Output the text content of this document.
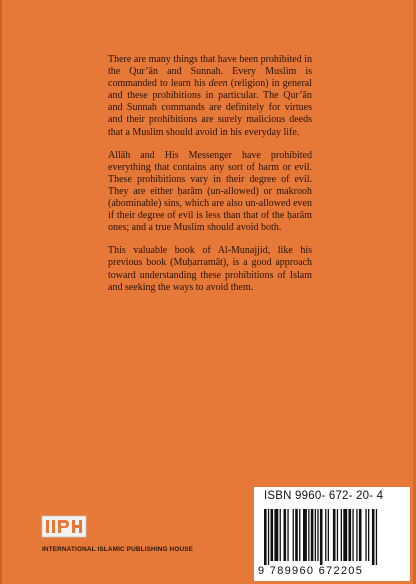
There are many things that have been prohibited in the Qur’ān and Sunnah. Every Muslim is commanded to learn his deen (religion) in general and these prohibitions in particular. The Qur’ān and Sunnah commands are definitely for virtues and their prohibitions are surely malicious deeds that a Muslim should avoid in his everyday life.

Allāh and His Messenger have prohibited everything that contains any sort of harm or evil. These prohibitions vary in their degree of evil. They are either ḥarām (un-allowed) or makrooh (abominable) sins, which are also un-allowed even if their degree of evil is less than that of the ḥarām ones; and a true Muslim should avoid both.

This valuable book of Al-Munajjid, like his previous book (Muḥarramāt), is a good approach toward understanding these prohibitions of Islam and seeking the ways to avoid them.

IIPH
INTERNATIONAL ISLAMIC PUBLISHING HOUSE
ISBN 9960- 672- 20- 4
9 789960 672205
